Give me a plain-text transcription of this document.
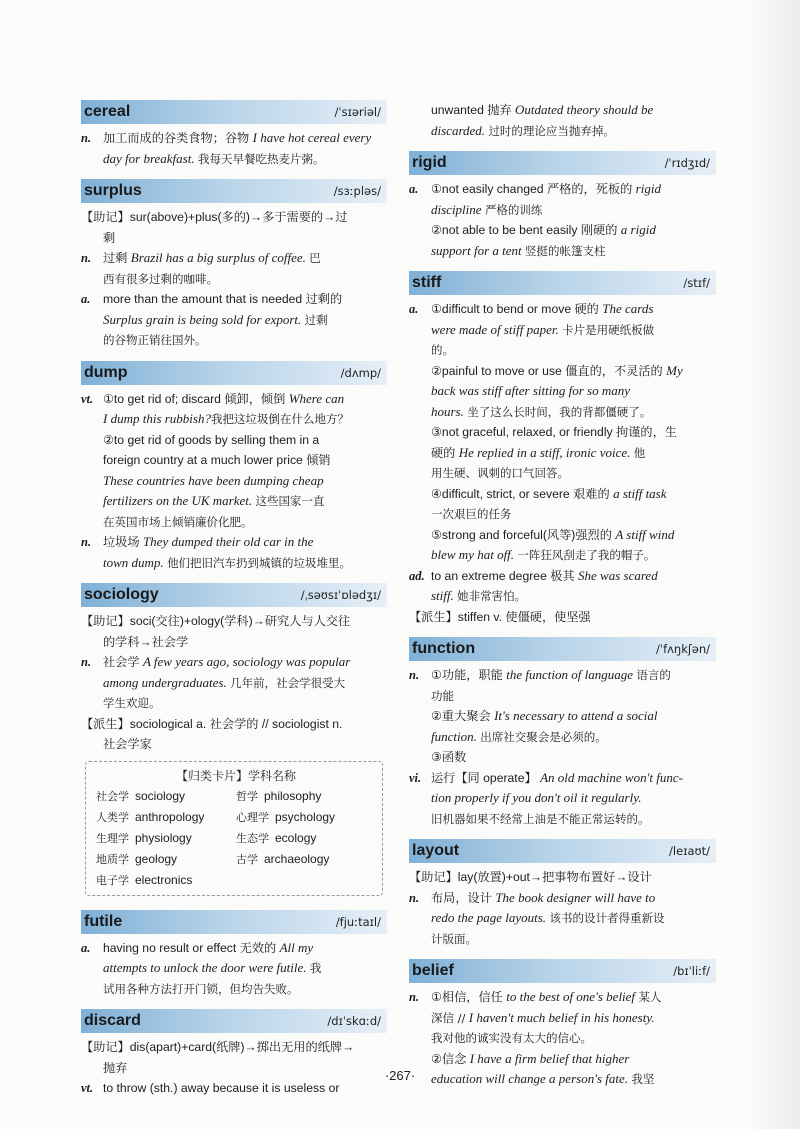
cereal	/ˈsɪəriəl/
n. 加工而成的谷类食物；谷物 I have hot cereal every
day for breakfast. 我每天早餐吃热麦片粥。
surplus	/sɜːpləs/
【助记】sur(above)+plus(多的)→多于需要的→过
剩
n. 过剩 Brazil has a big surplus of coffee. 巴
西有很多过剩的咖啡。
a.	more than the amount that is needed 过剩的
Surplus grain is being sold for export. 过剩
的谷物正销往国外。
dump	/dʌmp/
vt. ①to get rid of; discard 倾卸，倾倒 Where can
I dump this rubbish?我把这垃圾倒在什么地方？
②to get rid of goods by selling them in a
foreign country at a much lower price 倾销
These countries have been dumping cheap
fertilizers on the UK market. 这些国家一直
在英国市场上倾销廉价化肥。
n. 垃圾场 They dumped their old car in the
town dump. 他们把旧汽车扔到城镇的垃圾堆里。
sociology	/ˌsəʊsɪˈɒlədʒɪ/
【助记】soci(交往)+ology(学科)→研究人与人交往
的学科→社会学
n. 社会学 A few years ago, sociology was popular
among undergraduates. 几年前，社会学很受大
学生欢迎。
【派生】sociological a. 社会学的 // sociologist n.
社会学家
【归类卡片】学科名称
社会学 sociology	哲学 philosophy
人类学 anthropology	心理学 psychology
生理学 physiology	生态学 ecology
地质学 geology	古学 archaeology
电子学 electronics
futile	/fjuːtaɪl/
a.	having no result or effect 无效的 All my
attempts to unlock the door were futile. 我
试用各种方法打开门锁，但均告失败。
discard	/dɪˈskɑːd/
【助记】dis(apart)+card(纸牌)→掷出无用的纸牌→
抛弃
vt. to throw (sth.) away because it is useless or
unwanted 抛弃 Outdated theory should be
discarded. 过时的理论应当抛弃掉。
rigid	/ˈrɪdʒɪd/
a.	①not easily changed 严格的，死板的 rigid
discipline 严格的训练
②not able to be bent easily 刚硬的 a rigid
support for a tent 竖挺的帐篷支柱
stiff	/stɪf/
a.	①difficult to bend or move 硬的 The cards
were made of stiff paper. 卡片是用硬纸板做
的。
②painful to move or use 僵直的，不灵活的 My
back was stiff after sitting for so many
hours. 坐了这么长时间，我的背都僵硬了。
③not graceful, relaxed, or friendly 拘谨的，生
硬的 He replied in a stiff, ironic voice. 他
用生硬、讽刺的口气回答。
④difficult, strict, or severe 艰难的 a stiff task
一次艰巨的任务
⑤strong and forceful(风等)强烈的 A stiff wind
blew my hat off. 一阵狂风刮走了我的帽子。
ad. to an extreme degree 极其 She was scared
stiff. 她非常害怕。
【派生】stiffen v. 使僵硬，使坚强
function	/ˈfʌŋkʃən/
n. ①功能，职能 the function of language 语言的
功能
②重大聚会 It's necessary to attend a social
function. 出席社交聚会是必须的。
③函数
vi. 运行【同 operate】 An old machine won't func-
tion properly if you don't oil it regularly.
旧机器如果不经常上油是不能正常运转的。
layout	/leɪaʊt/
【助记】lay(放置)+out→把事物布置好→设计
n. 布局，设计 The book designer will have to
redo the page layouts. 该书的设计者得重新设
计版面。
belief	/bɪˈliːf/
n. ①相信，信任 to the best of one's belief 某人
深信 // I haven't much belief in his honesty.
我对他的诚实没有太大的信心。
②信念 I have a firm belief that higher
education will change a person's fate. 我坚
·267·
